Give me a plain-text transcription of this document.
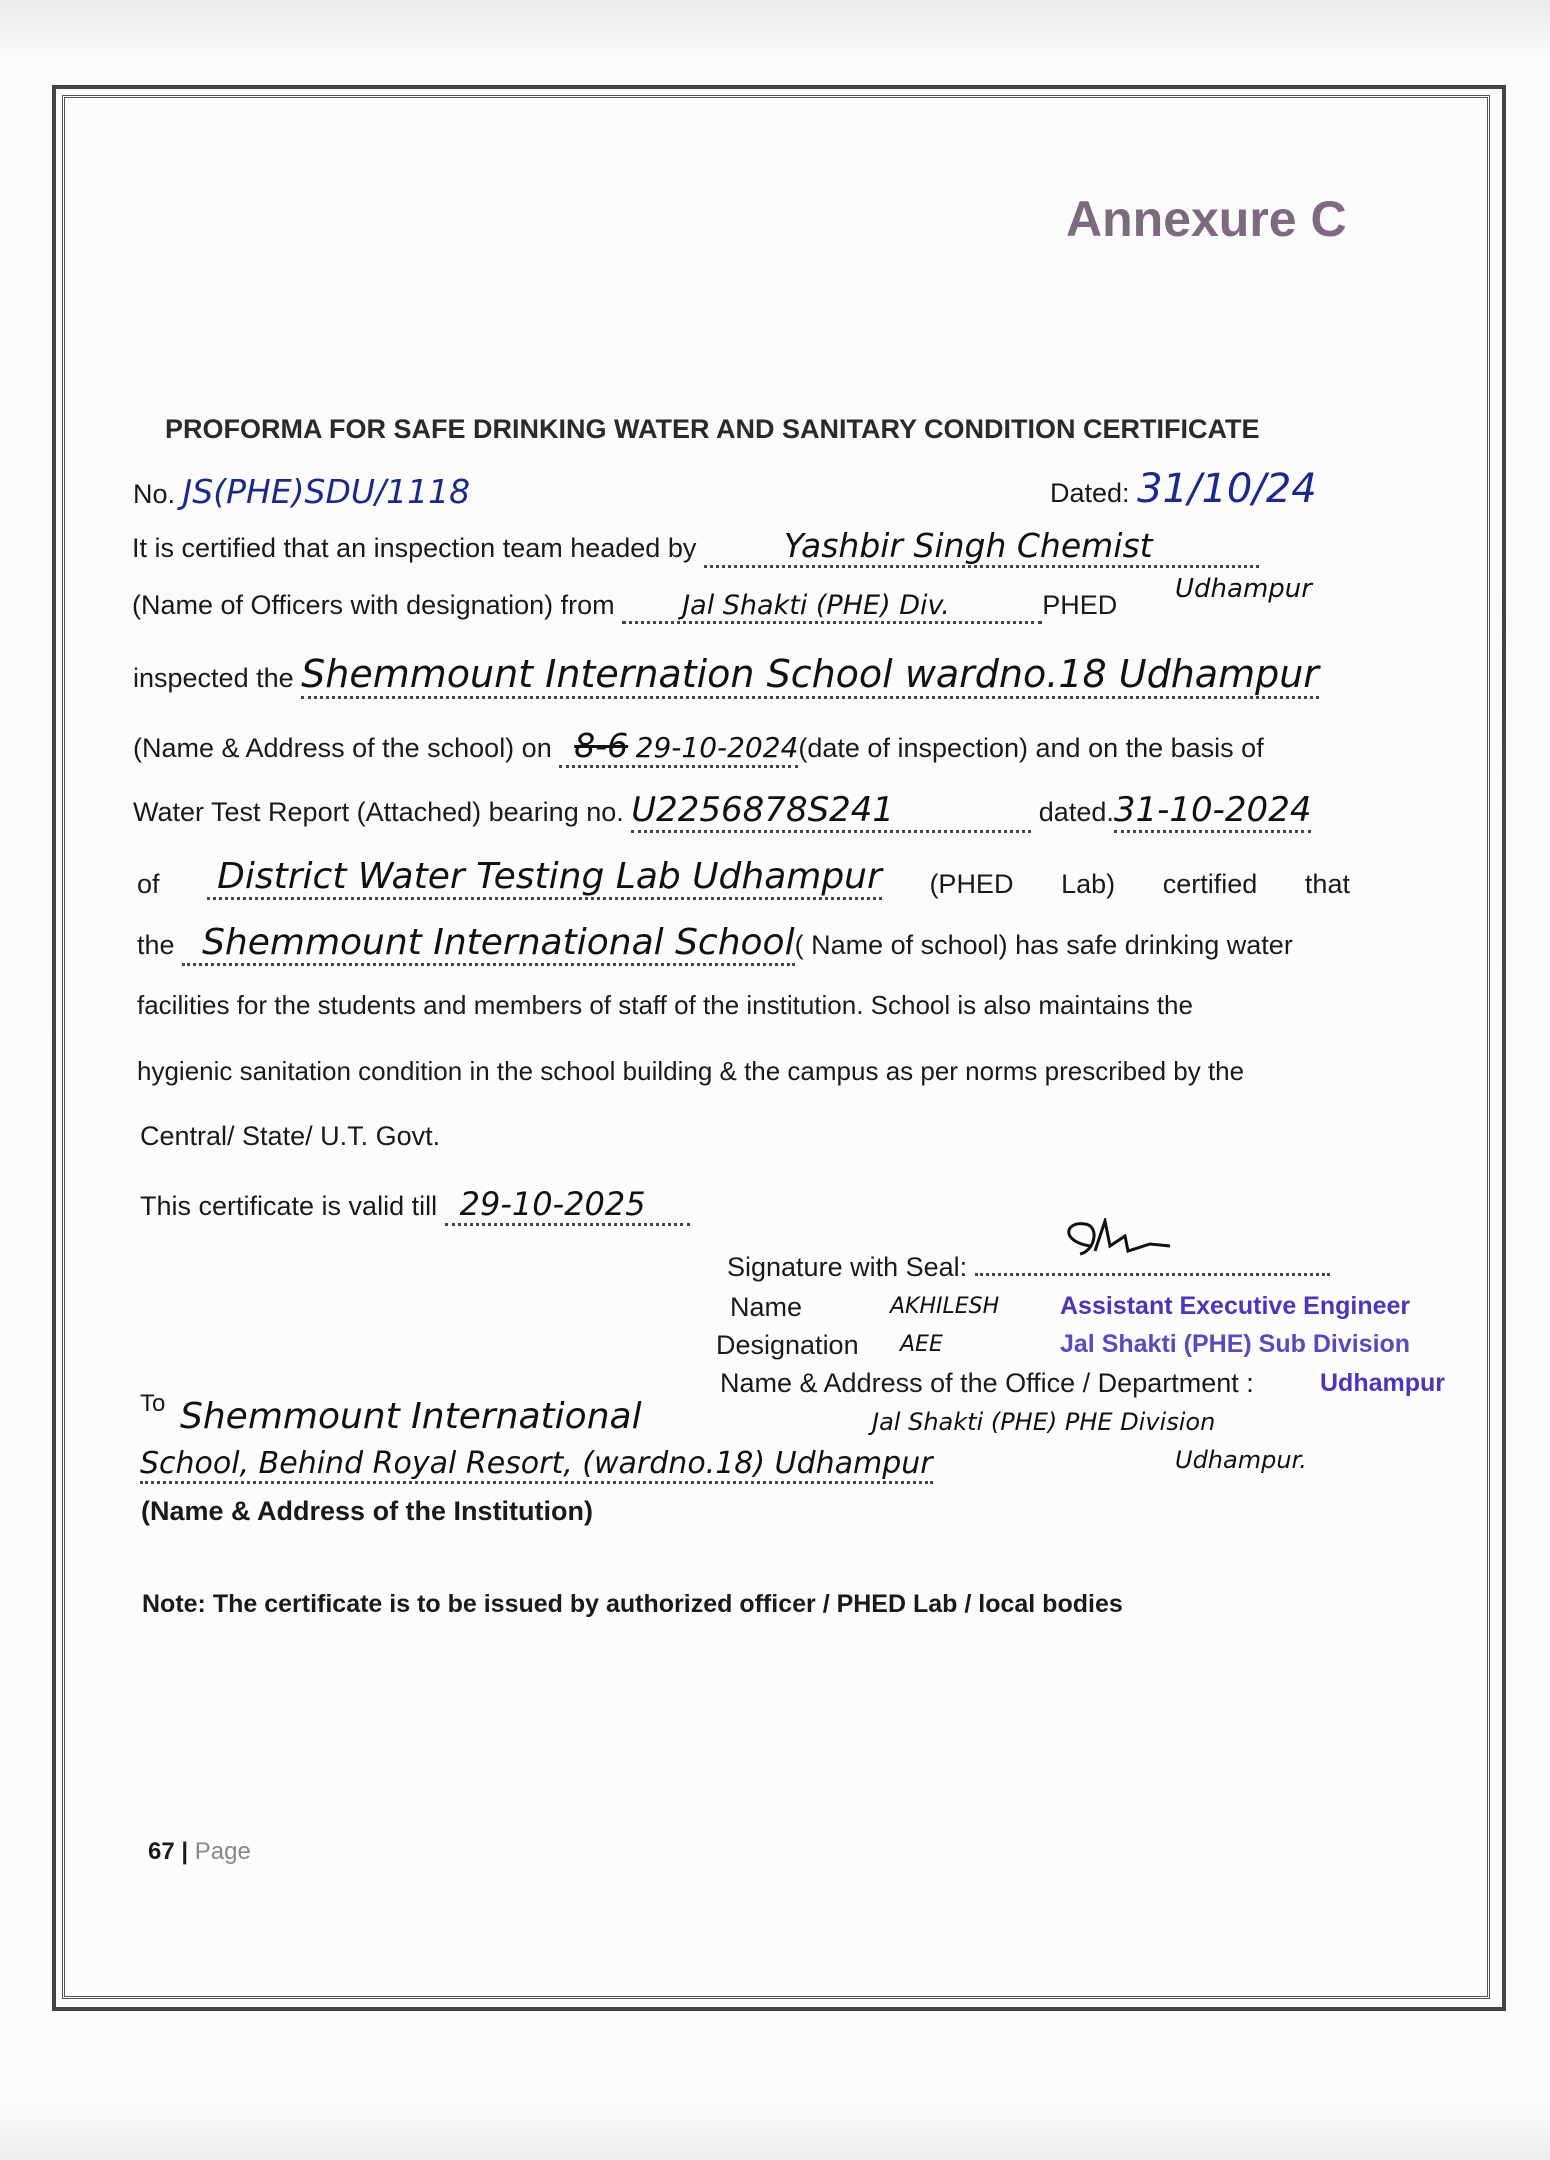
Annexure C
PROFORMA FOR SAFE DRINKING WATER AND SANITARY CONDITION CERTIFICATE
No. JS(PHE)SDU/1118	Dated: 31/10/24
It is certified that an inspection team headed by	Yashbir Singh Chemist
(Name of Officers with designation) from	Jal Shakti (PHE) Div.	PHED
Udhampur
inspected the Shemmount Internation School wardno.18 Udhampur
(Name & Address of the school) on 8-6 29-10-2024(date of inspection) and on the basis of
Water Test Report (Attached) bearing no. U2256878S241	dated.31-10-2024
of District Water Testing Lab Udhampur (PHED Lab) certified that
the Shemmount International School( Name of school) has safe drinking water
facilities for the students and members of staff of the institution. School is also maintains the
hygienic sanitation condition in the school building & the campus as per norms prescribed by the
Central/ State/ U.T. Govt.
This certificate is valid till 29-10-2025
Signature with Seal:
Name	AKHILESH Assistant Executive Engineer
Designation AEE	Jal Shakti (PHE) Sub Division
Name & Address of the Office / Department :	Udhampur
Jal Shakti (PHE) PHE Division
Udhampur.
To Shemmount International
School, Behind Royal Resort, (wardno.18) Udhampur
(Name & Address of the Institution)
Note: The certificate is to be issued by authorized officer / PHED Lab / local bodies
67 | Page
